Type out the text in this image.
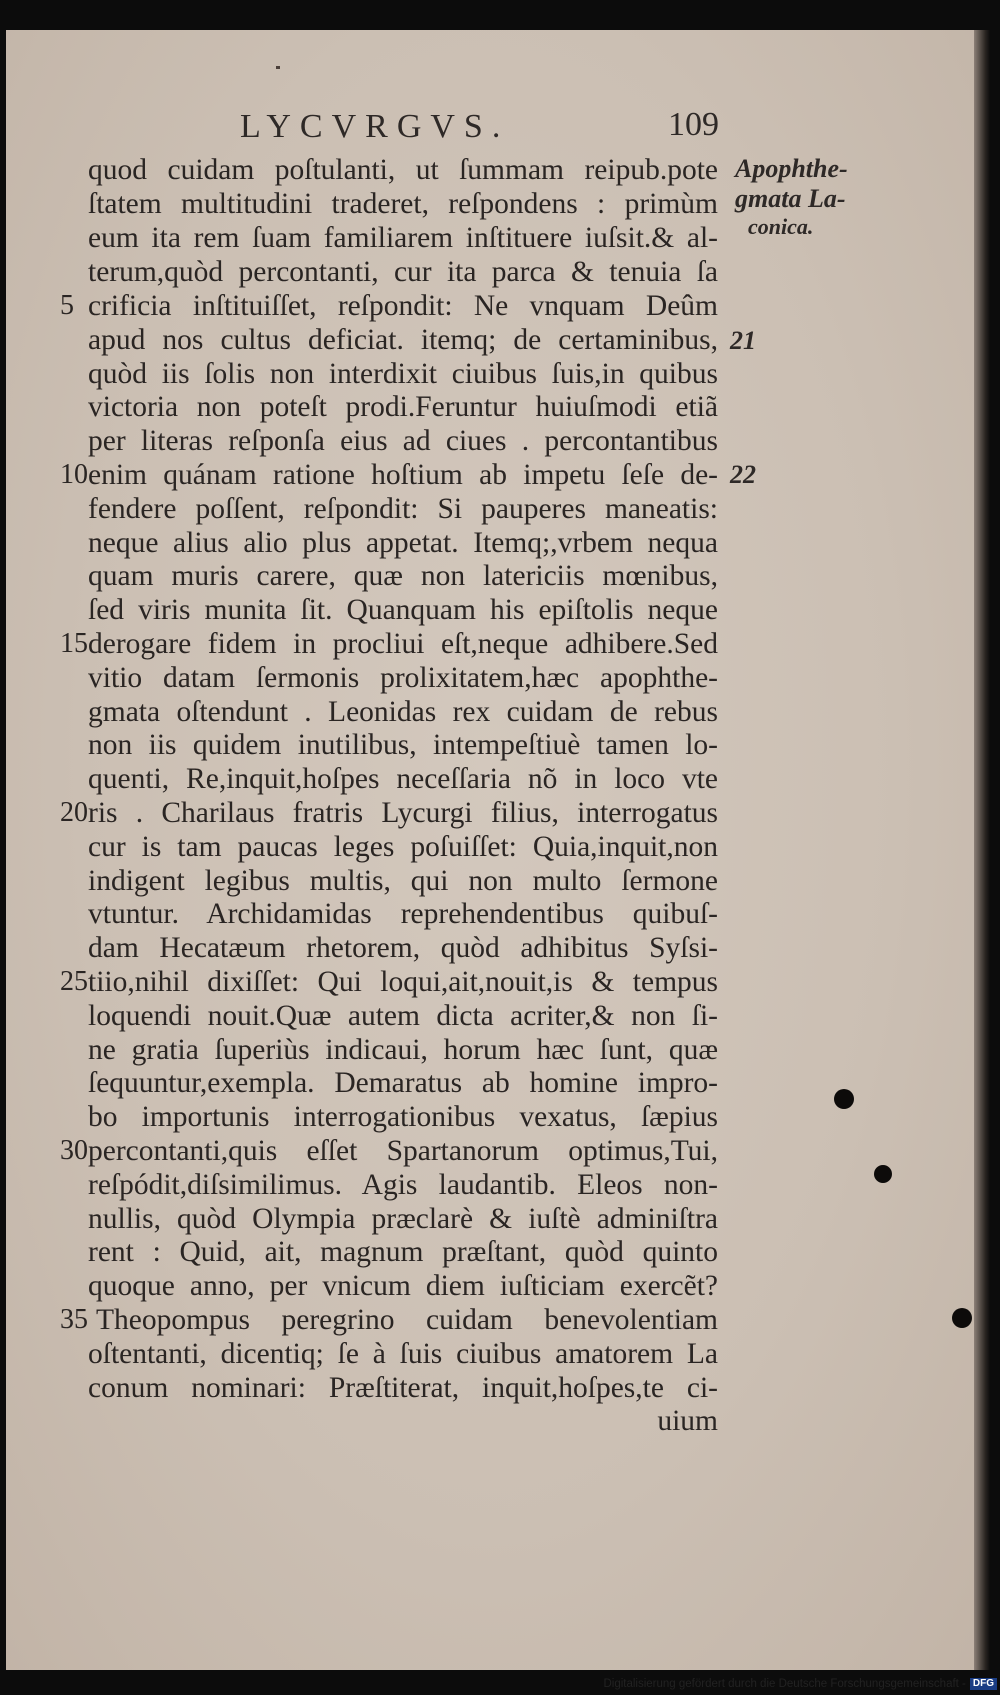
LYCVRGVS.	109
Apophthe-
gmata La-
conica.
21
22
5
10
15
20
25
30
35
quod cuidam poſtulanti, ut ſummam reipub.pote
ſtatem multitudini traderet, reſpondens : primùm
eum ita rem ſuam familiarem inſtituere iuſsit.& al-
terum,quòd percontanti, cur ita parca & tenuia ſa
crificia inſtituiſſet, reſpondit: Ne vnquam Deûm
apud nos cultus deficiat. itemq; de certaminibus,
quòd iis ſolis non interdixit ciuibus ſuis,in quibus
victoria non poteſt prodi.Feruntur huiuſmodi etiã
per literas reſponſa eius ad ciues . percontantibus
enim quánam ratione hoſtium ab impetu ſeſe de-
fendere poſſent, reſpondit: Si pauperes maneatis:
neque alius alio plus appetat. Itemq;,vrbem nequa
quam muris carere, quæ non latericiis mœnibus,
ſed viris munita ſit. Quanquam his epiſtolis neque
derogare fidem in procliui eſt,neque adhibere.Sed
vitio datam ſermonis prolixitatem,hæc apophthe-
gmata oſtendunt . Leonidas rex cuidam de rebus
non iis quidem inutilibus, intempeſtiuè tamen lo-
quenti, Re,inquit,hoſpes neceſſaria nõ in loco vte
ris . Charilaus fratris Lycurgi filius, interrogatus
cur is tam paucas leges poſuiſſet: Quia,inquit,non
indigent legibus multis, qui non multo ſermone
vtuntur. Archidamidas reprehendentibus quibuſ-
dam Hecatæum rhetorem, quòd adhibitus Syſsi-
tiio,nihil dixiſſet: Qui loqui,ait,nouit,is & tempus
loquendi nouit.Quæ autem dicta acriter,& non ſi-
ne gratia ſuperiùs indicaui, horum hæc ſunt, quæ
ſequuntur,exempla. Demaratus ab homine impro-
bo importunis interrogationibus vexatus, ſæpius
percontanti,quis eſſet Spartanorum optimus,Tui,
reſpódit,diſsimilimus. Agis laudantib. Eleos non-
nullis, quòd Olympia præclarè & iuſtè adminiſtra
rent : Quid, ait, magnum præſtant, quòd quinto
quoque anno, per vnicum diem iuſticiam exercẽt?
Theopompus peregrino cuidam benevolentiam
oſtentanti, dicentiq; ſe à ſuis ciuibus amatorem La
conum nominari: Præſtiterat, inquit,hoſpes,te ci-
uium
Digitalisierung gefördert durch die Deutsche Forschungsgemeinschaft - DFG
